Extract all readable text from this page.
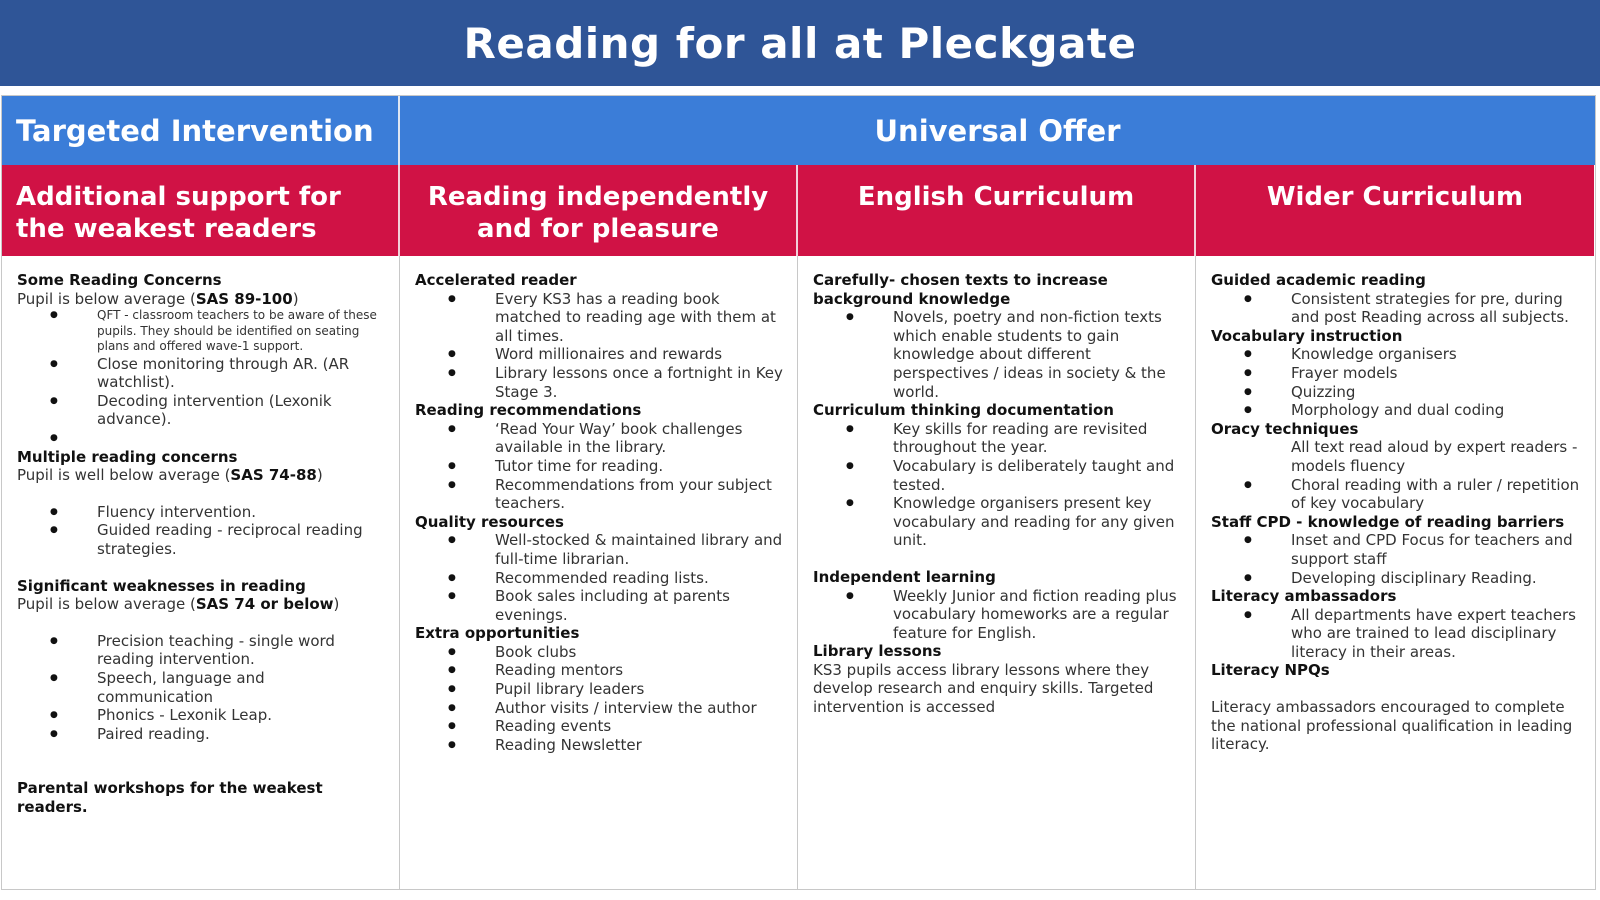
Reading for all at Pleckgate
Targeted Intervention	Universal Offer
Additional support for the weakest readers
Reading independently and for pleasure
English Curriculum	Wider Curriculum

Some Reading Concerns

Pupil is below average (SAS 89-100)

● QFT - classroom teachers to be aware of these pupils. They should be identified on seating plans and offered wave-1 support.
● Close monitoring through AR. (AR watchlist).
● Decoding intervention (Lexonik advance).
●

Multiple reading concerns

Pupil is well below average (SAS 74-88)

● Fluency intervention.
● Guided reading - reciprocal reading strategies.

Significant weaknesses in reading

Pupil is below average (SAS 74 or below)

● Precision teaching - single word reading intervention.
● Speech, language and communication
● Phonics - Lexonik Leap.
● Paired reading.

Parental workshops for the weakest readers.

Accelerated reader

● Every KS3 has a reading book matched to reading age with them at all times.
● Word millionaires and rewards
● Library lessons once a fortnight in Key Stage 3.

Reading recommendations

● ‘Read Your Way’ book challenges available in the library.
● Tutor time for reading.
● Recommendations from your subject teachers.

Quality resources

● Well-stocked & maintained library and full-time librarian.
● Recommended reading lists.
● Book sales including at parents evenings.

Extra opportunities

● Book clubs
● Reading mentors
● Pupil library leaders
● Author visits / interview the author
● Reading events
● Reading Newsletter

Carefully- chosen texts to increase background knowledge

● Novels, poetry and non-fiction texts which enable students to gain knowledge about different perspectives / ideas in society & the world.

Curriculum thinking documentation

● Key skills for reading are revisited throughout the year.
● Vocabulary is deliberately taught and tested.
● Knowledge organisers present key vocabulary and reading for any given unit.

Independent learning

● Weekly Junior and fiction reading plus vocabulary homeworks are a regular feature for English.

Library lessons

KS3 pupils access library lessons where they develop research and enquiry skills. Targeted intervention is accessed

Guided academic reading

● Consistent strategies for pre, during and post Reading across all subjects.

Vocabulary instruction

● Knowledge organisers
● Frayer models
● Quizzing
● Morphology and dual coding

Oracy techniques

All text read aloud by expert readers - models fluency

● Choral reading with a ruler / repetition of key vocabulary

Staff CPD - knowledge of reading barriers

● Inset and CPD Focus for teachers and support staff
● Developing disciplinary Reading.

Literacy ambassadors

● All departments have expert teachers who are trained to lead disciplinary literacy in their areas.

Literacy NPQs

Literacy ambassadors encouraged to complete the national professional qualification in leading literacy.
